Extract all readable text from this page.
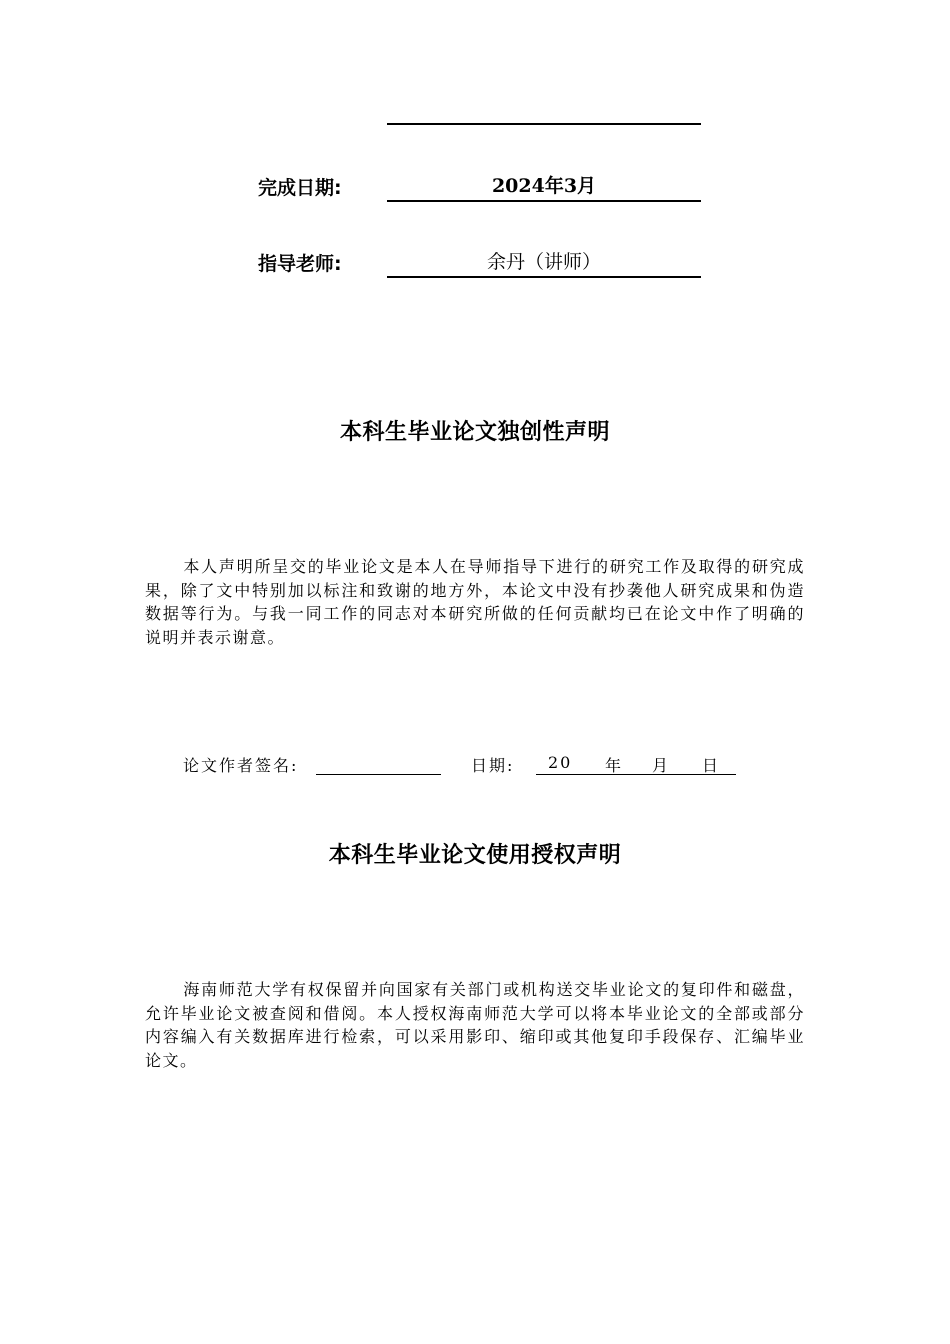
完成日期:	2024年3月
指导老师:	余丹（讲师）
本科生毕业论文独创性声明
本人声明所呈交的毕业论文是本人在导师指导下进行的研究工作及取得的研究成果，除了文中特别加以标注和致谢的地方外，本论文中没有抄袭他人研究成果和伪造数据等行为。与我一同工作的同志对本研究所做的任何贡献均已在论文中作了明确的说明并表示谢意。
论文作者签名:	日期: 20 年 月 日
本科生毕业论文使用授权声明
海南师范大学有权保留并向国家有关部门或机构送交毕业论文的复印件和磁盘，允许毕业论文被查阅和借阅。本人授权海南师范大学可以将本毕业论文的全部或部分内容编入有关数据库进行检索，可以采用影印、缩印或其他复印手段保存、汇编毕业论文。
